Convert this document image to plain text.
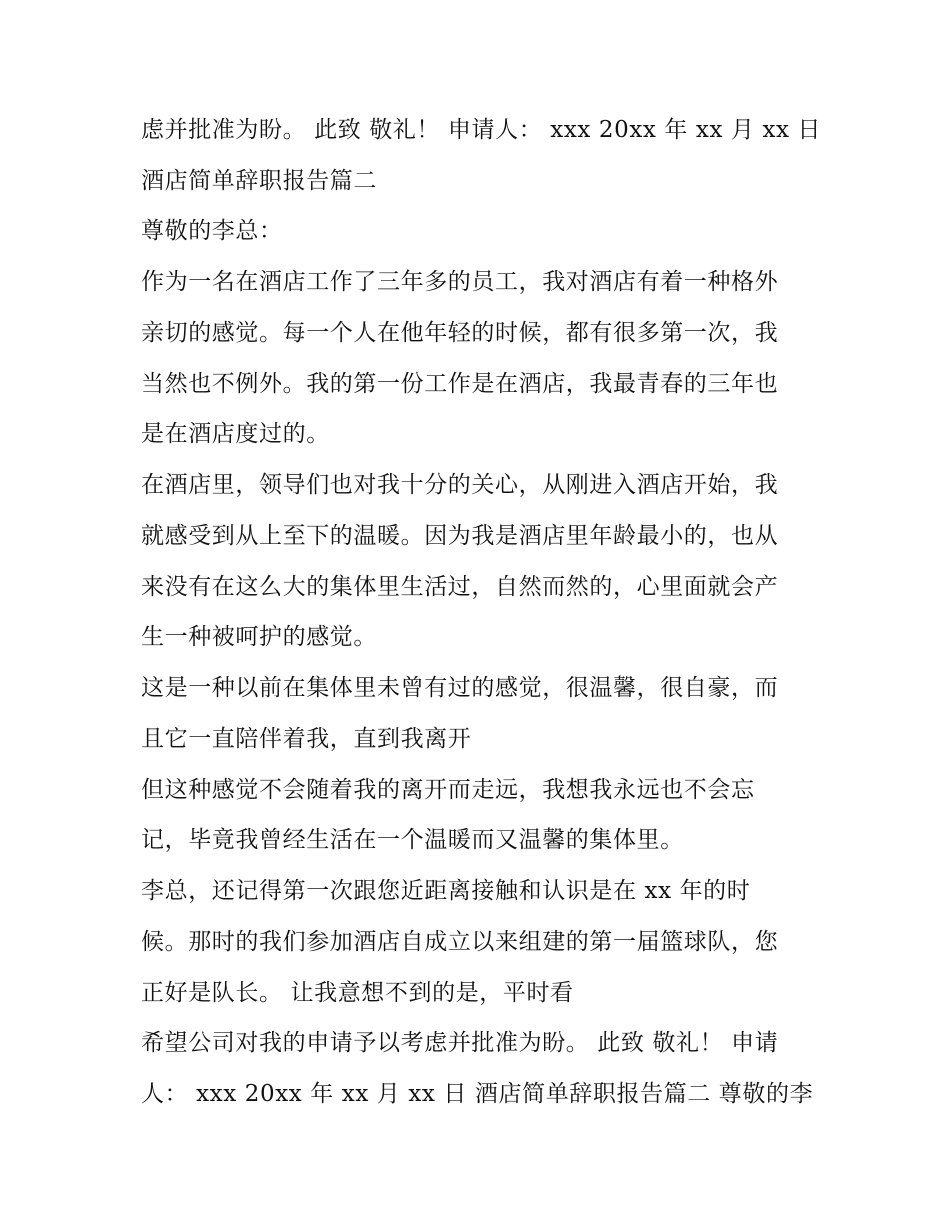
虑并批准为盼。 此致 敬礼！ 申请人： xxx 20xx 年 xx 月 xx 日

酒店简单辞职报告篇二

尊敬的李总：

作为一名在酒店工作了三年多的员工，我对酒店有着一种格外

亲切的感觉。每一个人在他年轻的时候，都有很多第一次，我

当然也不例外。我的第一份工作是在酒店，我最青春的三年也

是在酒店度过的。

在酒店里，领导们也对我十分的关心，从刚进入酒店开始，我

就感受到从上至下的温暖。因为我是酒店里年龄最小的，也从

来没有在这么大的集体里生活过，自然而然的，心里面就会产

生一种被呵护的感觉。

这是一种以前在集体里未曾有过的感觉，很温馨，很自豪，而

且它一直陪伴着我，直到我离开

但这种感觉不会随着我的离开而走远，我想我永远也不会忘

记，毕竟我曾经生活在一个温暖而又温馨的集体里。

李总，还记得第一次跟您近距离接触和认识是在 xx 年的时

候。那时的我们参加酒店自成立以来组建的第一届篮球队，您

正好是队长。 让我意想不到的是，平时看

希望公司对我的申请予以考虑并批准为盼。 此致 敬礼！ 申请

人： xxx 20xx 年 xx 月 xx 日 酒店简单辞职报告篇二 尊敬的李
